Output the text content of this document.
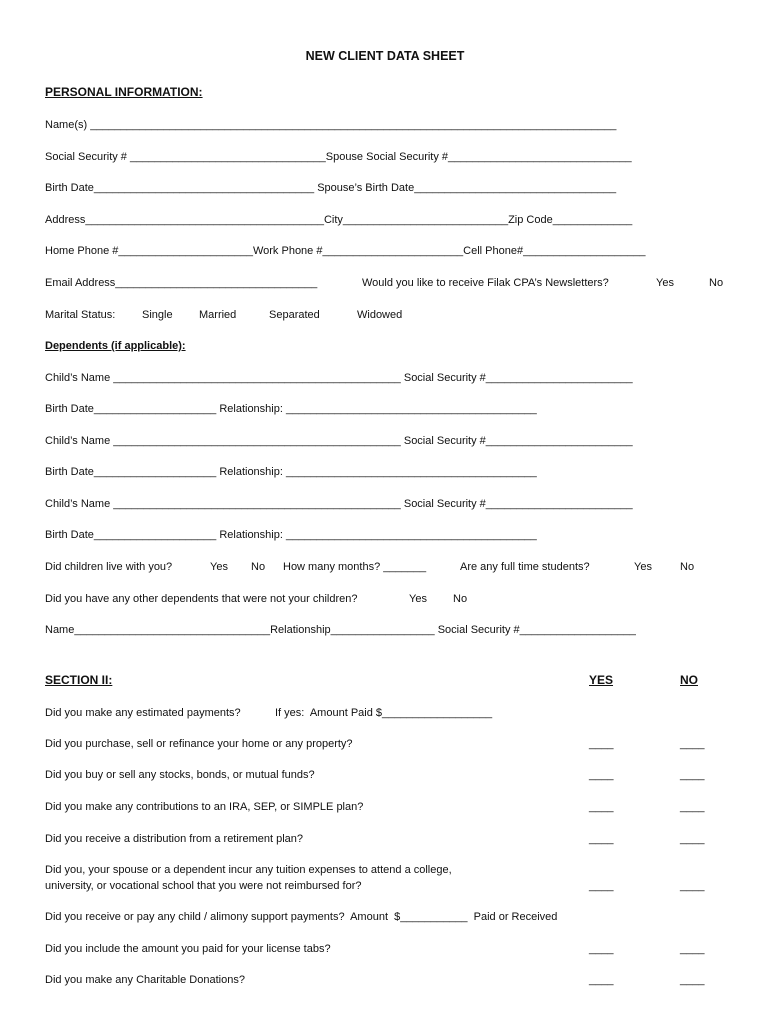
NEW CLIENT DATA SHEET
PERSONAL INFORMATION:
Name(s) ______________________________________________________________________________________
Social Security # ________________________________Spouse Social Security #______________________________
Birth Date____________________________________ Spouse’s Birth Date_________________________________
Address_______________________________________City___________________________Zip Code_____________
Home Phone #______________________Work Phone #_______________________Cell Phone#____________________
Email Address_________________________________	Would you like to receive Filak CPA’s Newsletters?	Yes	No
Marital Status: Single Married	Separated	Widowed
Dependents (if applicable):
Child’s Name _______________________________________________ Social Security #________________________
Birth Date____________________ Relationship: _________________________________________
Child’s Name _______________________________________________ Social Security #________________________
Birth Date____________________ Relationship: _________________________________________
Child’s Name _______________________________________________ Social Security #________________________
Birth Date____________________ Relationship: _________________________________________
Did children live with you?	Yes No How many months? _______	Are any full time students?	Yes	No
Did you have any other dependents that were not your children?	Yes No
Name________________________________Relationship_________________ Social Security #___________________
SECTION II:	YES	NO
Did you make any estimated payments?	If yes:  Amount Paid $__________________
Did you purchase, sell or refinance your home or any property?	____	____
Did you buy or sell any stocks, bonds, or mutual funds?	____	____
Did you make any contributions to an IRA, SEP, or SIMPLE plan?	____	____
Did you receive a distribution from a retirement plan?	____	____
Did you, your spouse or a dependent incur any tuition expenses to attend a college,
university, or vocational school that you were not reimbursed for?	____	____
Did you receive or pay any child / alimony support payments?  Amount  $___________  Paid or Received
Did you include the amount you paid for your license tabs?	____	____
Did you make any Charitable Donations?	____	____
